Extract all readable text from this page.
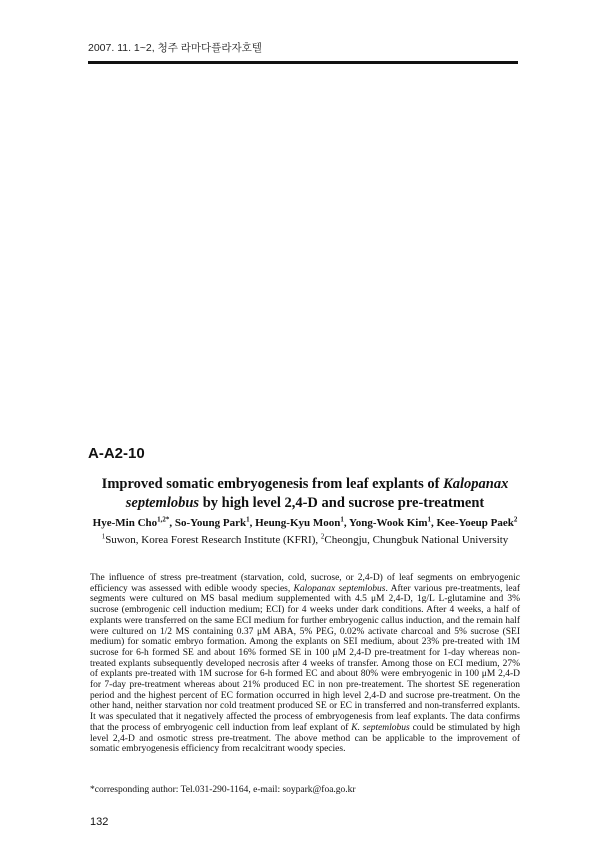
2007. 11. 1~2, 청주 라마다플라자호텔
A-A2-10
Improved somatic embryogenesis from leaf explants of Kalopanax septemlobus by high level 2,4-D and sucrose pre-treatment
Hye-Min Cho$^{1,2*}$, So-Young Park$^1$, Heung-Kyu Moon$^1$, Yong-Wook Kim$^1$, Kee-Yoeup Paek$^2$
$^1$Suwon, Korea Forest Research Institute (KFRI), $^2$Cheongju, Chungbuk National University

The influence of stress pre-treatment (starvation, cold, sucrose, or 2,4-D) of leaf segments on embryogenic efficiency was assessed with edible woody species, Kalopanax septemlobus. After various pre-treatments, leaf segments were cultured on MS basal medium supplemented with 4.5 μM 2,4-D, 1g/L L-glutamine and 3% sucrose (embrogenic cell induction medium; ECI) for 4 weeks under dark conditions. After 4 weeks, a half of explants were transferred on the same ECI medium for further embryogenic callus induction, and the remain half were cultured on 1/2 MS containing 0.37 μM ABA, 5% PEG, 0.02% activate charcoal and 5% sucrose (SEI medium) for somatic embryo formation. Among the explants on SEI medium, about 23% pre-treated with 1M sucrose for 6-h formed SE and about 16% formed SE in 100 μM 2,4-D pre-treatment for 1-day whereas non-treated explants subsequently developed necrosis after 4 weeks of transfer. Among those on ECI medium, 27% of explants pre-treated with 1M sucrose for 6-h formed EC and about 80% were embryogenic in 100 μM 2,4-D for 7-day pre-treatment whereas about 21% produced EC in non pre-treatement. The shortest SE regeneration period and the highest percent of EC formation occurred in high level 2,4-D and sucrose pre-treatment. On the other hand, neither starvation nor cold treatment produced SE or EC in transferred and non-transferred explants. It was speculated that it negatively affected the process of embryogenesis from leaf explants. The data confirms that the process of embryogenic cell induction from leaf explant of K. septemlobus could be stimulated by high level 2,4-D and osmotic stress pre-treatment. The above method can be applicable to the improvement of somatic embryogenesis efficiency from recalcitrant woody species.

*corresponding author: Tel.031-290-1164, e-mail: soypark@foa.go.kr
132
